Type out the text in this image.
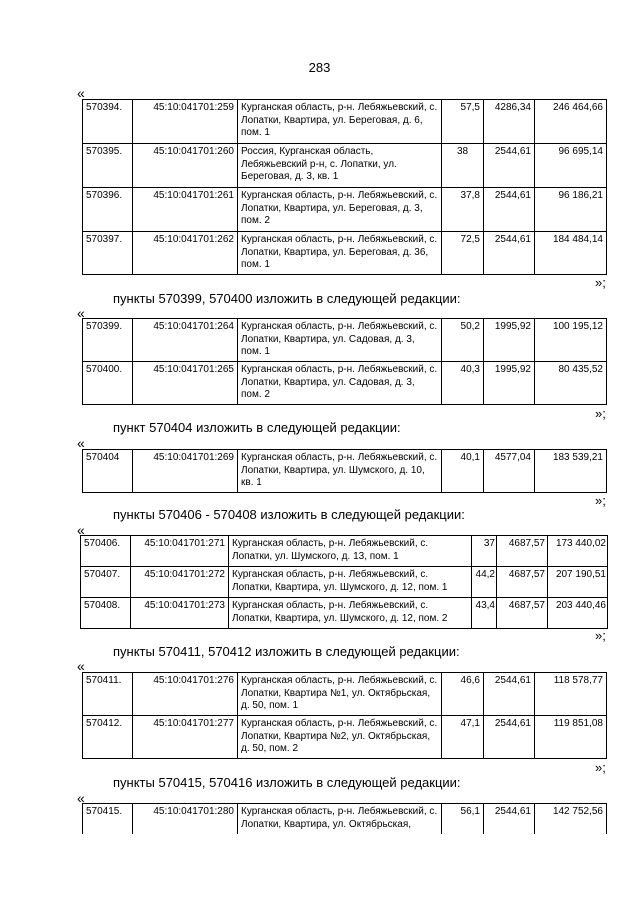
283
«
570394.	45:10:041701:259	Курганская область, р-н. Лебяжьевский, с. Лопатки, Квартира, ул. Береговая, д. 6, пом. 1	57,5	4286,34	246 464,66
570395.	45:10:041701:260	Россия, Курганская область, Лебяжьевский р-н, с. Лопатки, ул. Береговая, д. 3, кв. 1	38	2544,61	96 695,14
570396.	45:10:041701:261	Курганская область, р-н. Лебяжьевский, с. Лопатки, Квартира, ул. Береговая, д. 3, пом. 2	37,8	2544,61	96 186,21
570397.	45:10:041701:262	Курганская область, р-н. Лебяжьевский, с. Лопатки, Квартира, ул. Береговая, д. 36, пом. 1	72,5	2544,61	184 484,14
»;
пункты 570399, 570400 изложить в следующей редакции:
«
570399.	45:10:041701:264	Курганская область, р-н. Лебяжьевский, с. Лопатки, Квартира, ул. Садовая, д. 3, пом. 1	50,2	1995,92	100 195,12
570400.	45:10:041701:265	Курганская область, р-н. Лебяжьевский, с. Лопатки, Квартира, ул. Садовая, д. 3, пом. 2	40,3	1995,92	80 435,52
»;
пункт 570404 изложить в следующей редакции:
«
570404	45:10:041701:269	Курганская область, р-н. Лебяжьевский, с. Лопатки, Квартира, ул. Шумского, д. 10, кв. 1	40,1	4577,04	183 539,21
»;
пункты 570406 - 570408 изложить в следующей редакции:
«
570406.	45:10:041701:271	Курганская область, р-н. Лебяжьевский, с. Лопатки, ул. Шумского, д. 13, пом. 1	37	4687,57	173 440,02
570407.	45:10:041701:272	Курганская область, р-н. Лебяжьевский, с. Лопатки, Квартира, ул. Шумского, д. 12, пом. 1	44,2	4687,57	207 190,51
570408.	45:10:041701:273	Курганская область, р-н. Лебяжьевский, с. Лопатки, Квартира, ул. Шумского, д. 12, пом. 2	43,4	4687,57	203 440,46
»;
пункты 570411, 570412 изложить в следующей редакции:
«
570411.	45:10:041701:276	Курганская область, р-н. Лебяжьевский, с. Лопатки, Квартира №1, ул. Октябрьская, д. 50, пом. 1	46,6	2544,61	118 578,77
570412.	45:10:041701:277	Курганская область, р-н. Лебяжьевский, с. Лопатки, Квартира №2, ул. Октябрьская, д. 50, пом. 2	47,1	2544,61	119 851,08
»;
пункты 570415, 570416 изложить в следующей редакции:
«
570415.	45:10:041701:280	Курганская область, р-н. Лебяжьевский, с. Лопатки, Квартира, ул. Октябрьская,	56,1	2544,61	142 752,56
